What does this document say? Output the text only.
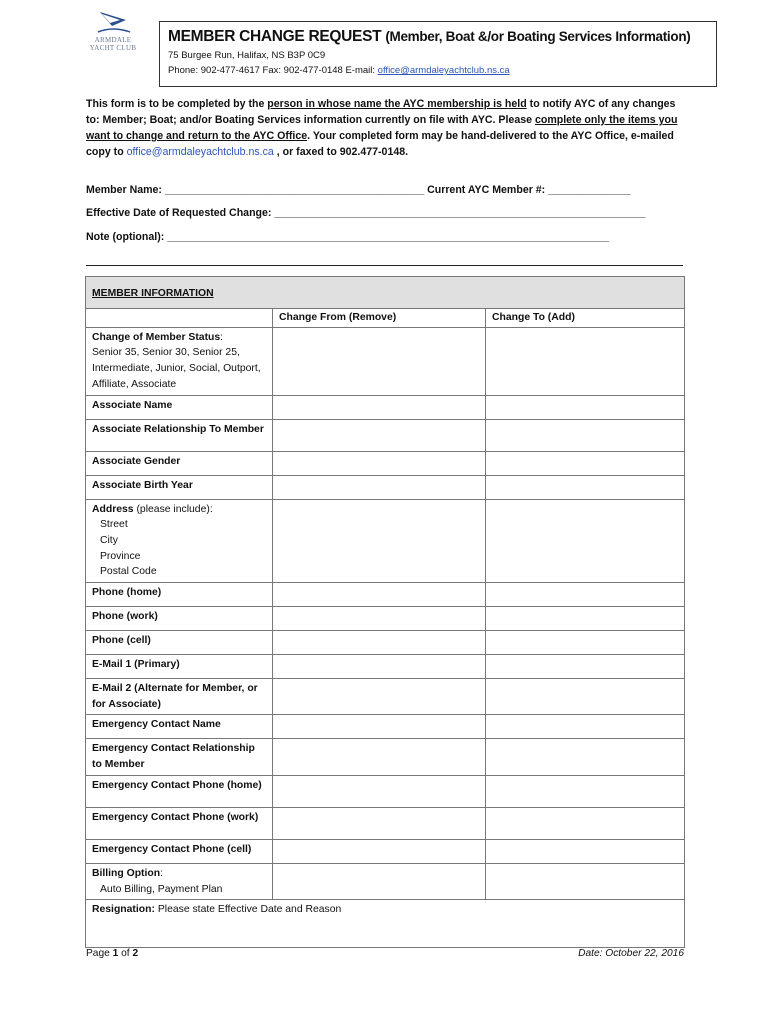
ARMDALE
YACHT CLUB
MEMBER CHANGE REQUEST (Member, Boat &/or Boating Services Information)
75 Burgee Run, Halifax, NS B3P 0C9
Phone: 902-477-4617 Fax: 902-477-0148 E-mail: office@armdaleyachtclub.ns.ca
This form is to be completed by the person in whose name the AYC membership is held to notify AYC of any changes to: Member; Boat; and/or Boating Services information currently on file with AYC. Please complete only the items you want to change and return to the AYC Office. Your completed form may be hand-delivered to the AYC Office, e-mailed copy to office@armdaleyachtclub.ns.ca , or faxed to 902.477-0148.
Member Name: ____________________________________________ Current AYC Member #: ______________
Effective Date of Requested Change: _______________________________________________________________
Note (optional): ___________________________________________________________________________
MEMBER INFORMATION		
	Change From (Remove)	Change To (Add)
Change of Member Status:
Senior 35, Senior 30, Senior 25, Intermediate, Junior, Social, Outport, Affiliate, Associate		
Associate Name		
Associate Relationship To Member		
Associate Gender		
Associate Birth Year		
Address (please include):
Street
City
Province
Postal Code		

Phone (home)		
Phone (work)		
Phone (cell)		
E-Mail 1 (Primary)		
E-Mail 2 (Alternate for Member, or for Associate)		
Emergency Contact Name		
Emergency Contact Relationship to Member		
Emergency Contact Phone (home)		
Emergency Contact Phone (work)		
Emergency Contact Phone (cell)		
Billing Option:
Auto Billing, Payment Plan		

Resignation: Please state Effective Date and Reason		
Page 1 of 2	Date: October 22, 2016
